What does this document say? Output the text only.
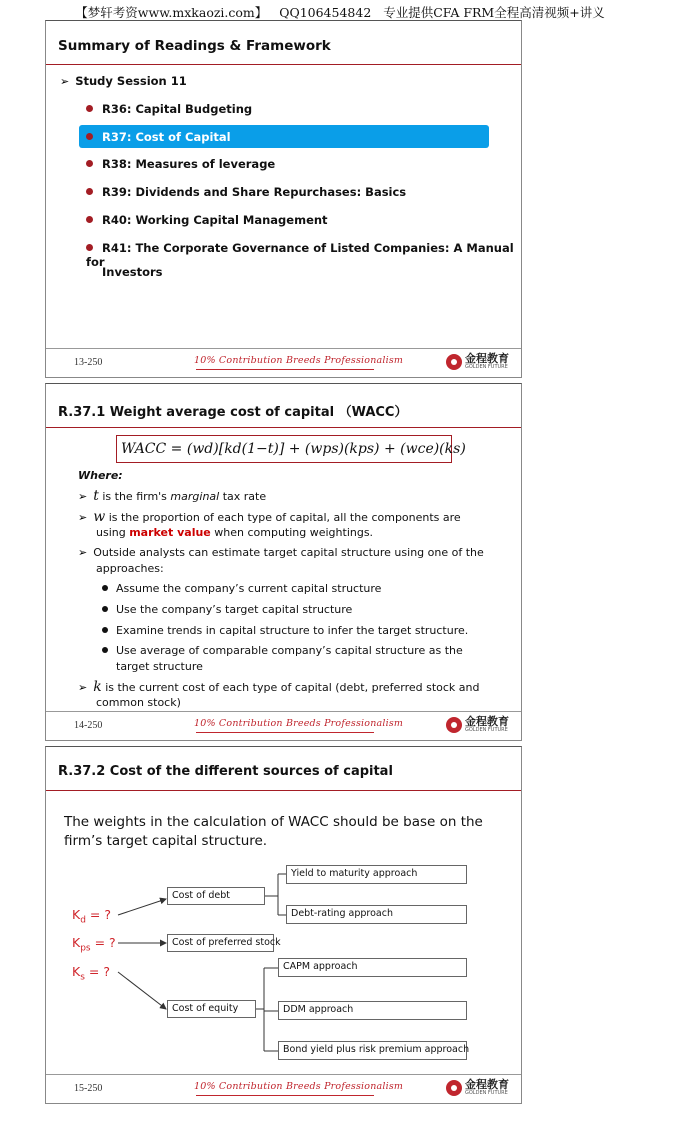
【梦轩考资www.mxkaozi.com】   QQ106454842   专业提供CFA FRM全程高清视频+讲义
Summary of Readings & Framework
➢ Study Session 11
R36: Capital Budgeting
R37: Cost of Capital
R38: Measures of leverage
R39: Dividends and Share Repurchases: Basics
R40: Working Capital Management
R41: The Corporate Governance of Listed Companies: A Manual for
Investors
13-250	10% Contribution Breeds Professionalism	金程教育
GOLDEN FUTURE
R.37.1 Weight average cost of capital （WACC）
WACC = (wd)[kd(1−t)] + (wps)(kps) + (wce)(ks)
Where:
➢ t is the firm's marginal tax rate
➢ w is the proportion of each type of capital, all the components are
using market value when computing weightings.
➢ Outside analysts can estimate target capital structure using one of the
approaches:
Assume the company’s current capital structure
Use the company’s target capital structure
Examine trends in capital structure to infer the target structure.
Use average of comparable company’s capital structure as the
target structure
➢ k is the current cost of each type of capital (debt, preferred stock and
common stock)
14-250	10% Contribution Breeds Professionalism	金程教育
GOLDEN FUTURE
R.37.2 Cost of the different sources of capital
The weights in the calculation of WACC should be base on the
firm’s target capital structure.
$K_d$ = ?
$K_{ps}$ = ?
$K_s$ = ?
Cost of debt
Cost of preferred stock
Cost of equity
Yield to maturity approach
Debt-rating approach
CAPM approach
DDM approach
Bond yield plus risk premium approach
15-250	10% Contribution Breeds Professionalism	金程教育
GOLDEN FUTURE
